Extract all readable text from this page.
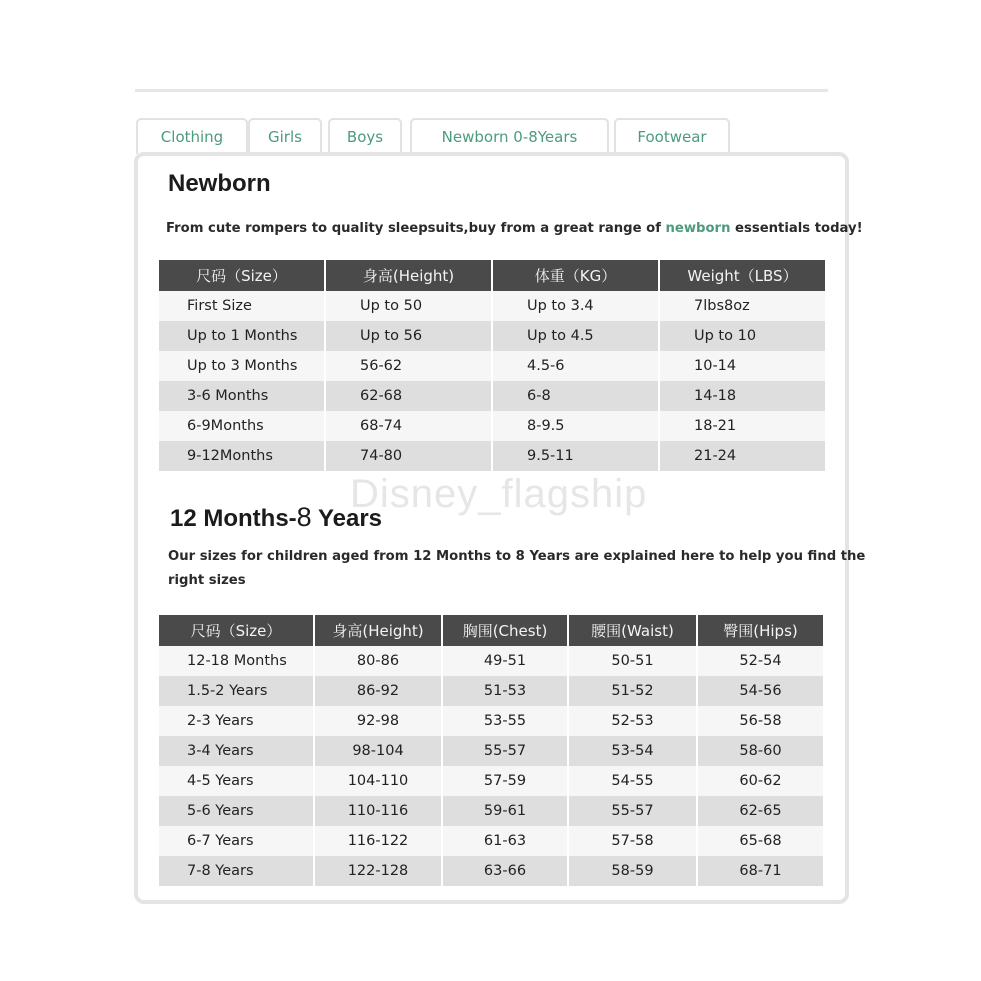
Clothing	Girls	Boys	Newborn 0-8Years	Footwear
Newborn
From cute rompers to quality sleepsuits,buy from a great range of newborn essentials today!
尺码（Size）	身高(Height)	体重（KG）	Weight（LBS）
First Size	Up to 50	Up to 3.4	7lbs8oz
Up to 1 Months	Up to 56	Up to 4.5	Up to 10
Up to 3 Months	56-62	4.5-6	10-14
3-6 Months	62-68	6-8	14-18
6-9Months	68-74	8-9.5	18-21
9-12Months	74-80	9.5-11	21-24
Disney_flagship
12 Months-8 Years
Our sizes for children aged from 12 Months to 8 Years are explained here to help you find the
right sizes
尺码（Size）	身高(Height)	胸围(Chest)	腰围(Waist)	臀围(Hips)
12-18 Months	80-86	49-51	50-51	52-54
1.5-2 Years	86-92	51-53	51-52	54-56
2-3 Years	92-98	53-55	52-53	56-58
3-4 Years	98-104	55-57	53-54	58-60
4-5 Years	104-110	57-59	54-55	60-62
5-6 Years	110-116	59-61	55-57	62-65
6-7 Years	116-122	61-63	57-58	65-68
7-8 Years	122-128	63-66	58-59	68-71
